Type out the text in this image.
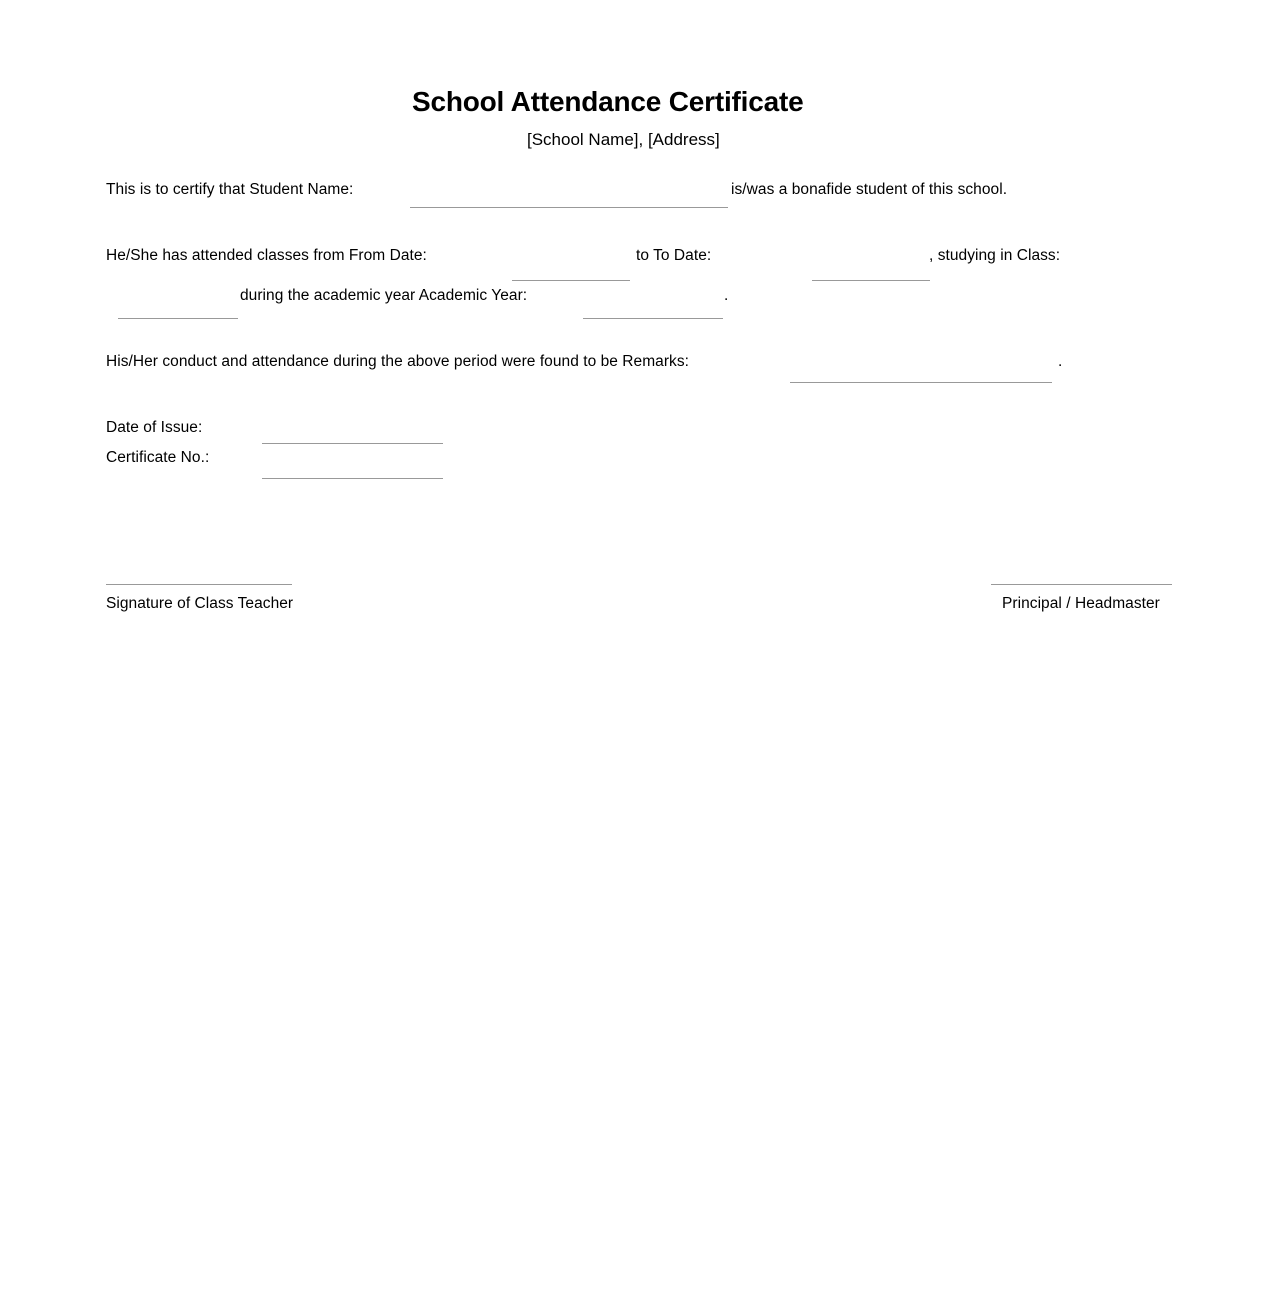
School Attendance Certificate
[School Name], [Address]
This is to certify that Student Name:	is/was a bonafide student of this school.
He/She has attended classes from From Date:	to To Date:	, studying in Class:
during the academic year Academic Year:	.
His/Her conduct and attendance during the above period were found to be Remarks:	.
Date of Issue:
Certificate No.:
Signature of Class Teacher	Principal / Headmaster
